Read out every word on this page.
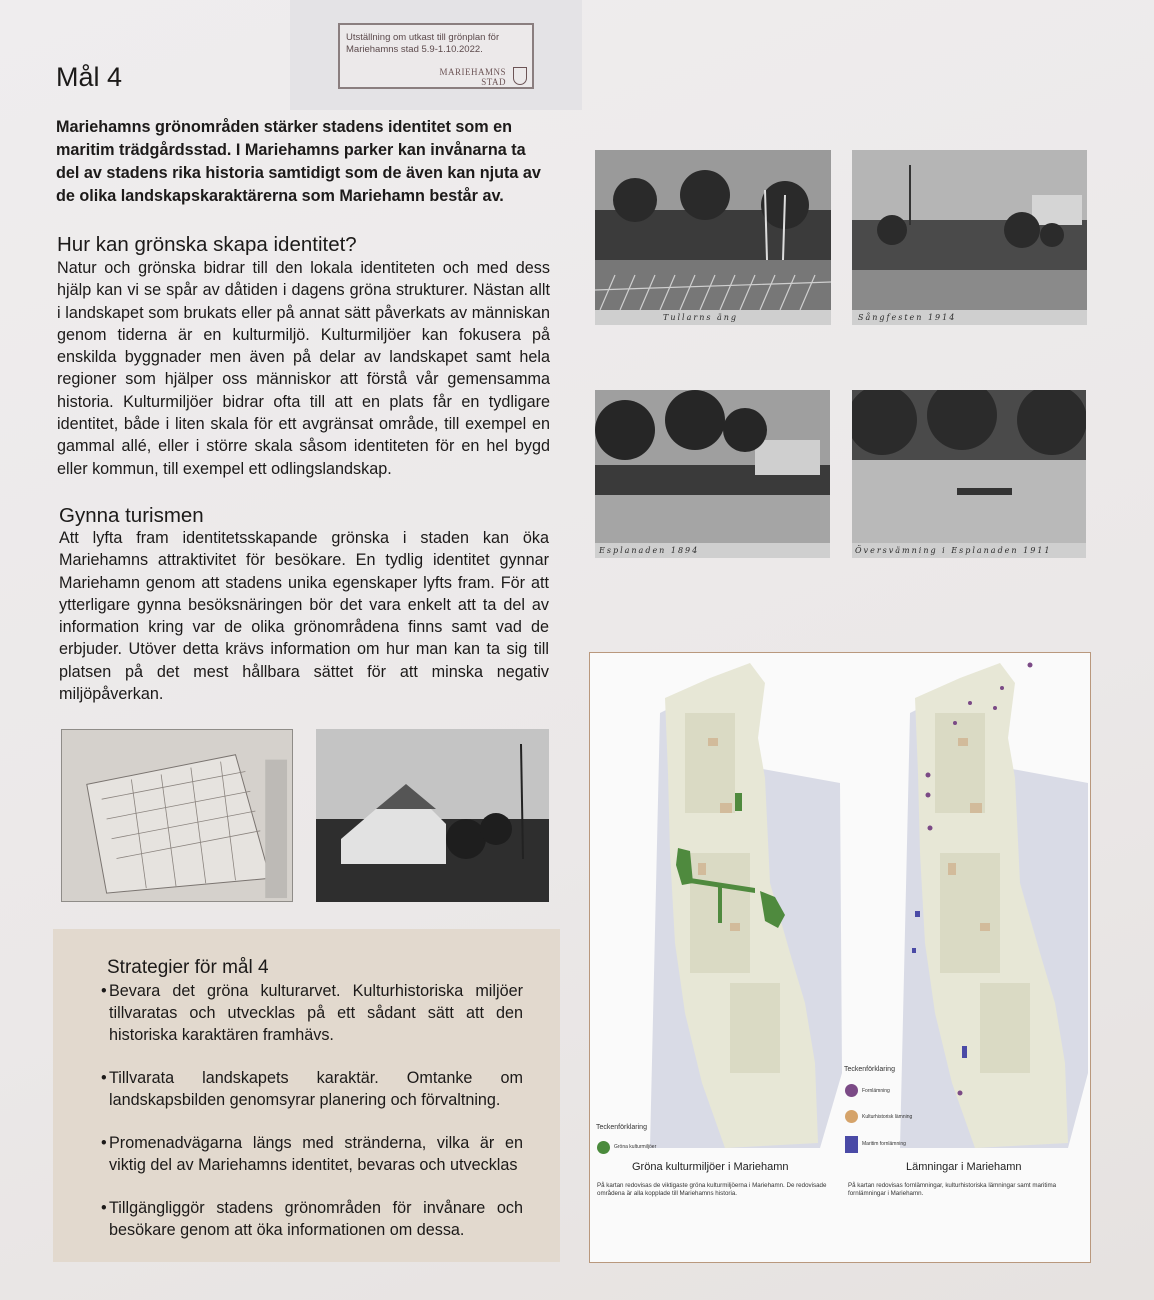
Utställning om utkast till grönplan för Mariehamns stad 5.9-1.10.2022.
MARIEHAMNS
STAD
Mål 4
Mariehamns grönområden stärker stadens identitet som en maritim trädgårdsstad. I Mariehamns parker kan invånarna ta del av stadens rika historia samtidigt som de även kan njuta av de olika landskapskaraktärerna som Mariehamn består av.
Hur kan grönska skapa identitet?
Natur och grönska bidrar till den lokala identiteten och med dess hjälp kan vi se spår av dåtiden i dagens gröna strukturer. Nästan allt i landskapet som brukats eller på annat sätt påverkats av människan genom tiderna är en kulturmiljö. Kulturmiljöer kan fokusera på enskilda byggnader men även på delar av landskapet samt hela regioner som hjälper oss människor att förstå vår gemensamma historia. Kulturmiljöer bidrar ofta till att en plats får en tydligare identitet, både i liten skala för ett avgränsat område, till exempel en gammal allé, eller i större skala såsom identiteten för en hel bygd eller kommun, till exempel ett odlingslandskap.
Gynna turismen
Att lyfta fram identitetsskapande grönska i staden kan öka Mariehamns attraktivitet för besökare. En tydlig identitet gynnar Mariehamn genom att stadens unika egenskaper lyfts fram. För att ytterligare gynna besöksnäringen bör det vara enkelt att ta del av information kring var de olika grönområdena finns samt vad de erbjuder. Utöver detta krävs information om hur man kan ta sig till platsen på det mest hållbara sättet för att minska negativ miljöpåverkan.
Tullarns äng	Sångfesten 1914
Esplanaden 1894	Översvämning i Esplanaden 1911
Strategier för mål 4
• Bevara det gröna kulturarvet. Kulturhistoriska miljöer tillvaratas och utvecklas på ett sådant sätt att den historiska karaktären framhävs.
• Tillvarata landskapets karaktär. Omtanke om landskapsbilden genomsyrar planering och förvaltning.
• Promenadvägarna längs med stränderna, vilka är en viktig del av Mariehamns identitet, bevaras och utvecklas
• Tillgängliggör stadens grönområden för invånare och besökare genom att öka informationen om dessa.
Teckenförklaring
Gröna kulturmiljöer
Teckenförklaring
Fornlämning
Kulturhistorisk lämning
Maritim fornlämning
Gröna kulturmiljöer i Mariehamn
På kartan redovisas de viktigaste gröna kulturmiljöerna i Mariehamn. De redovisade områdena är alla kopplade till Mariehamns historia.
Lämningar i Mariehamn
På kartan redovisas fornlämningar, kulturhistoriska lämningar samt maritima fornlämningar i Mariehamn.
